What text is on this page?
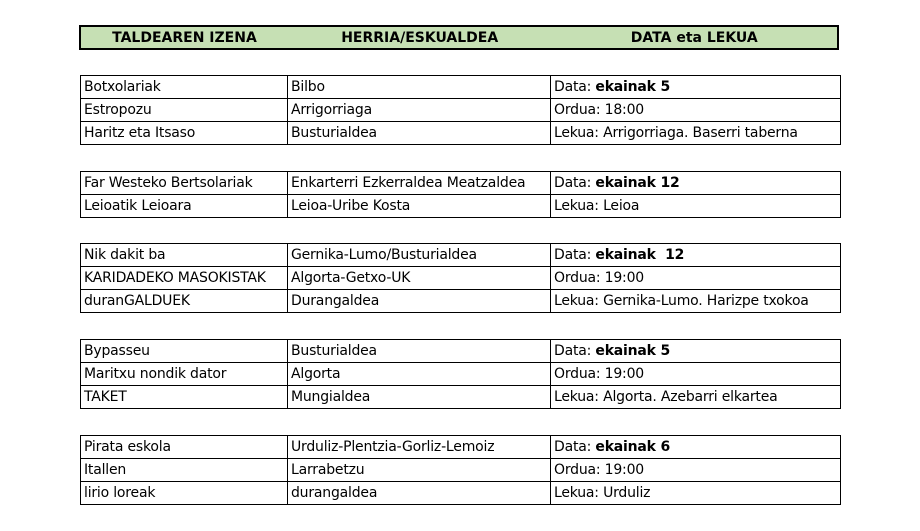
TALDEAREN IZENA	HERRIA/ESKUALDEA	DATA eta LEKUA
Botxolariak	Bilbo	Data: ekainak 5
Estropozu	Arrigorriaga	Ordua: 18:00
Haritz eta Itsaso	Busturialdea	Lekua: Arrigorriaga. Baserri taberna
Far Westeko Bertsolariak	Enkarterri Ezkerraldea Meatzaldea	Data: ekainak 12
Leioatik Leioara	Leioa-Uribe Kosta	Lekua: Leioa
Nik dakit ba	Gernika-Lumo/Busturialdea	Data: ekainak  12
KARIDADEKO MASOKISTAK	Algorta-Getxo-UK	Ordua: 19:00
duranGALDUEK	Durangaldea	Lekua: Gernika-Lumo. Harizpe txokoa
Bypasseu	Busturialdea	Data: ekainak 5
Maritxu nondik dator	Algorta	Ordua: 19:00
TAKET	Mungialdea	Lekua: Algorta. Azebarri elkartea
Pirata eskola	Urduliz-Plentzia-Gorliz-Lemoiz	Data: ekainak 6
Itallen	Larrabetzu	Ordua: 19:00
lirio loreak	durangaldea	Lekua: Urduliz
